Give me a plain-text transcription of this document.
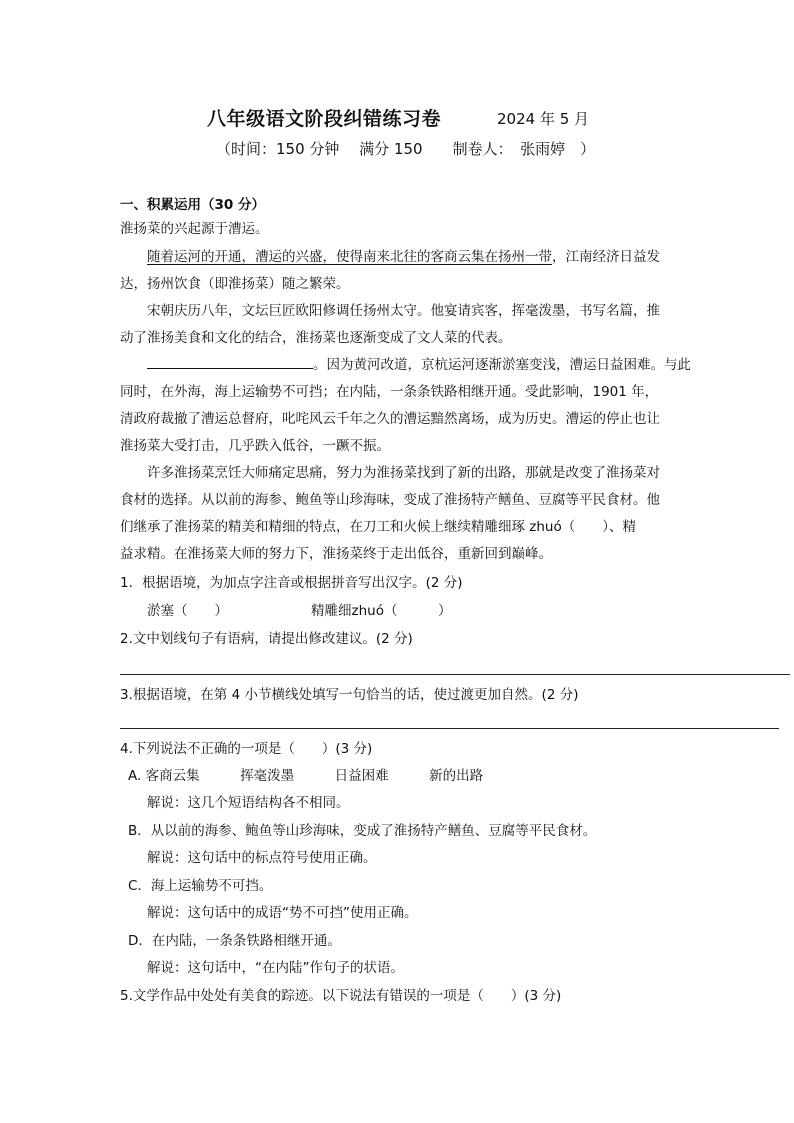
八年级语文阶段纠错练习卷	2024 年 5 月
（时间：150 分钟　 满分 150　　制卷人：　张雨婷　）
一、积累运用（30 分）
淮扬菜的兴起源于漕运。
随着运河的开通，漕运的兴盛，使得南来北往的客商云集在扬州一带，江南经济日益发
达，扬州饮食（即淮扬菜）随之繁荣。
宋朝庆历八年，文坛巨匠欧阳修调任扬州太守。他宴请宾客，挥毫泼墨，书写名篇，推
动了淮扬美食和文化的结合，淮扬菜也逐渐变成了文人菜的代表。
。因为黄河改道，京杭运河逐渐淤塞变浅，漕运日益困难。与此
同时，在外海，海上运输势不可挡；在内陆，一条条铁路相继开通。受此影响，1901 年，
清政府裁撤了漕运总督府，叱咤风云千年之久的漕运黯然离场，成为历史。漕运的停止也让
淮扬菜大受打击，几乎跌入低谷，一蹶不振。
许多淮扬菜烹饪大师痛定思痛，努力为淮扬菜找到了新的出路，那就是改变了淮扬菜对
食材的选择。从以前的海参、鲍鱼等山珍海味，变成了淮扬特产鳝鱼、豆腐等平民食材。他
们继承了淮扬菜的精美和精细的特点，在刀工和火候上继续精雕细琢 zhuó（　　）、精
益求精。在淮扬菜大师的努力下，淮扬菜终于走出低谷，重新回到巅峰。
1．根据语境，为加点字注音或根据拼音写出汉字。(2 分)
淤塞（　　）	精雕细zhuó（　　　）
2.文中划线句子有语病，请提出修改建议。(2 分)
3.根据语境，在第 4 小节横线处填写一句恰当的话，使过渡更加自然。(2 分)
4.下列说法不正确的一项是（　　）(3 分)
A. 客商云集　　　挥毫泼墨　　　日益困难　　　新的出路
解说：这几个短语结构各不相同。
B．从以前的海参、鲍鱼等山珍海味，变成了淮扬特产鳝鱼、豆腐等平民食材。
解说：这句话中的标点符号使用正确。
C．海上运输势不可挡。
解说：这句话中的成语“势不可挡”使用正确。
D．在内陆，一条条铁路相继开通。
解说：这句话中，“在内陆”作句子的状语。
5.文学作品中处处有美食的踪迹。以下说法有错误的一项是（　　）(3 分)
